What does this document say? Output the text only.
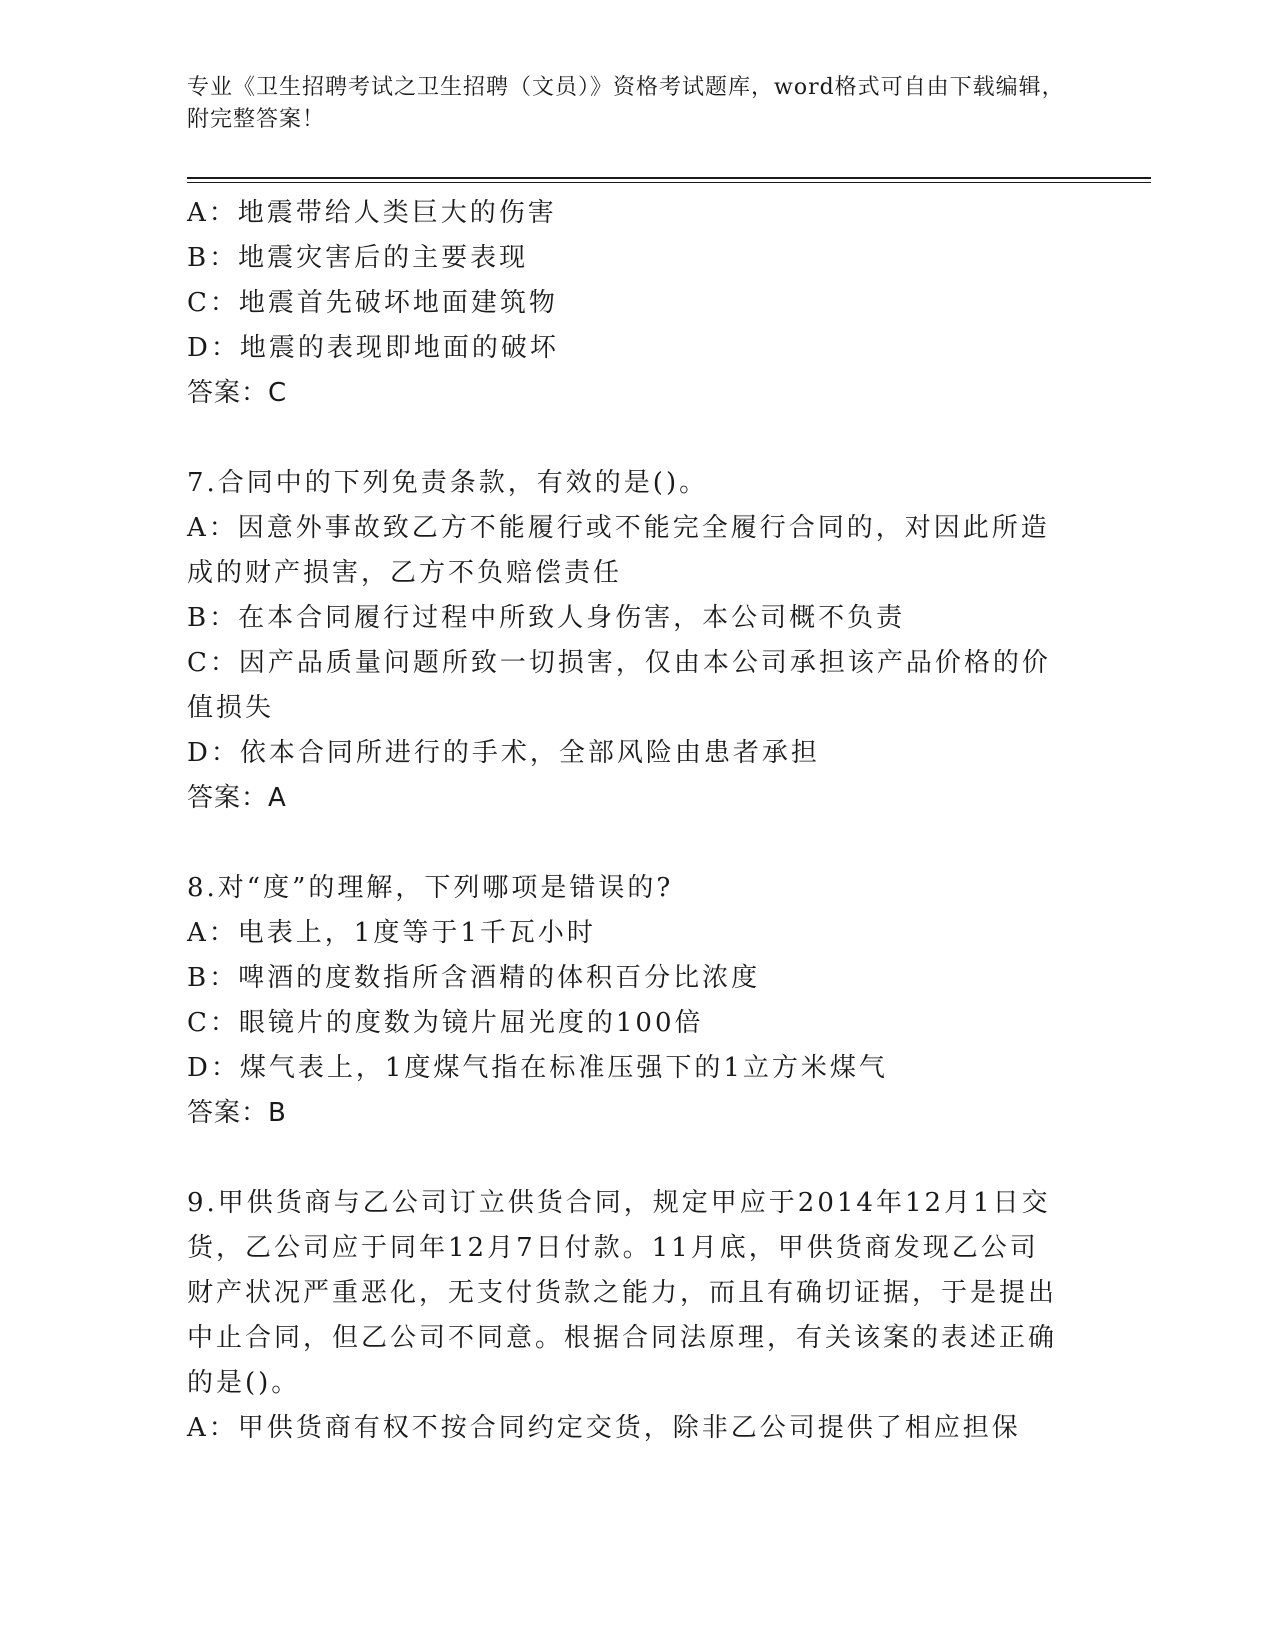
专业《卫生招聘考试之卫生招聘（文员）》资格考试题库，word格式可自由下载编辑，附完整答案！
A：地震带给人类巨大的伤害
B：地震灾害后的主要表现
C：地震首先破坏地面建筑物
D：地震的表现即地面的破坏
答案：C
7.合同中的下列免责条款，有效的是()。
A：因意外事故致乙方不能履行或不能完全履行合同的，对因此所造成的财产损害，乙方不负赔偿责任
B：在本合同履行过程中所致人身伤害，本公司概不负责
C：因产品质量问题所致一切损害，仅由本公司承担该产品价格的价值损失
D：依本合同所进行的手术，全部风险由患者承担
答案：A
8.对“度”的理解，下列哪项是错误的?
A：电表上，1度等于1千瓦小时
B：啤酒的度数指所含酒精的体积百分比浓度
C：眼镜片的度数为镜片屈光度的100倍
D：煤气表上，1度煤气指在标准压强下的1立方米煤气
答案：B
9.甲供货商与乙公司订立供货合同，规定甲应于2014年12月1日交货，乙公司应于同年12月7日付款。11月底，甲供货商发现乙公司财产状况严重恶化，无支付货款之能力，而且有确切证据，于是提出中止合同，但乙公司不同意。根据合同法原理，有关该案的表述正确的是()。
A：甲供货商有权不按合同约定交货，除非乙公司提供了相应担保
